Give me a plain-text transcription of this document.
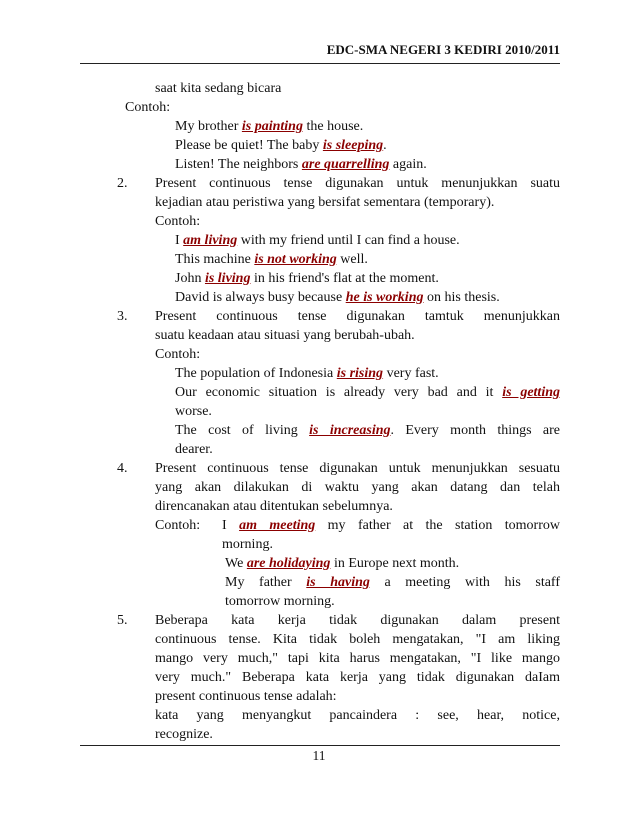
EDC-SMA NEGERI 3 KEDIRI 2010/2011
saat kita sedang bicara
Contoh:
My brother is painting the house.
Please be quiet! The baby is sleeping.
Listen! The neighbors are quarrelling again.
2. Present continuous tense digunakan untuk menunjukkan suatu
kejadian atau peristiwa yang bersifat sementara (temporary).
Contoh:
I am living with my friend until I can find a house.
This machine is not working well.
John is living in his friend's flat at the moment.
David is always busy because he is working on his thesis.
3. Present continuous tense digunakan tamtuk menunjukkan
suatu keadaan atau situasi yang berubah-ubah.
Contoh:
The population of Indonesia is rising very fast.
Our economic situation is already very bad and it is getting
worse.
The cost of living is increasing. Every month things are
dearer.
4. Present continuous tense digunakan untuk menunjukkan sesuatu
yang akan dilakukan di waktu yang akan datang dan telah
direncanakan atau ditentukan sebelumnya.
Contoh: I am meeting my father at the station tomorrow
morning.
We are holidaying in Europe next month.
My father is having a meeting with his staff
tomorrow morning.
5. Beberapa kata kerja tidak digunakan dalam present
continuous tense. Kita tidak boleh mengatakan, "I am liking
mango very much," tapi kita harus mengatakan, "I like mango
very much." Beberapa kata kerja yang tidak digunakan daIam
present continuous tense adalah:
kata yang menyangkut pancaindera : see, hear, notice,
recognize.
11
